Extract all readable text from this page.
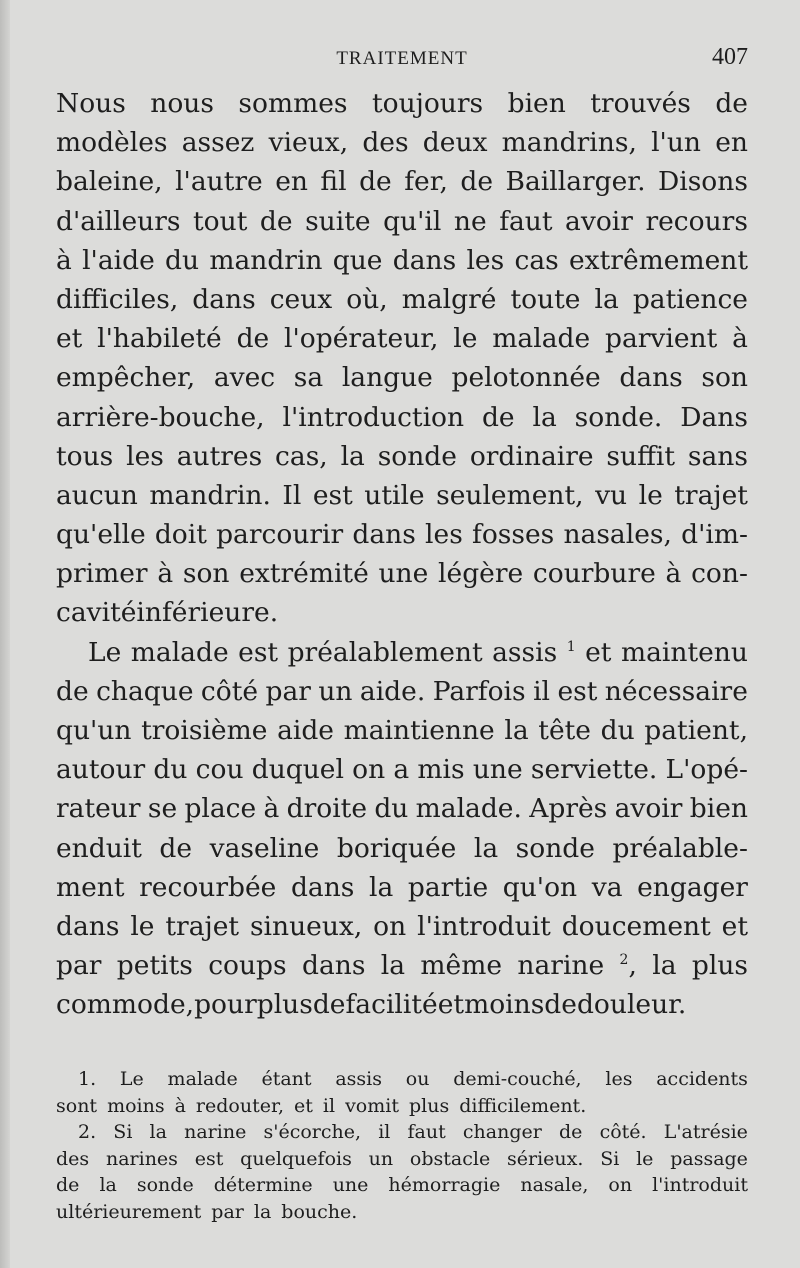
TRAITEMENT	407
Nous nous sommes toujours bien trouvés de
modèles assez vieux, des deux mandrins, l'un en
baleine, l'autre en fil de fer, de Baillarger. Disons
d'ailleurs tout de suite qu'il ne faut avoir recours
à l'aide du mandrin que dans les cas extrêmement
difficiles, dans ceux où, malgré toute la patience
et l'habileté de l'opérateur, le malade parvient à
empêcher, avec sa langue pelotonnée dans son
arrière-bouche, l'introduction de la sonde. Dans
tous les autres cas, la sonde ordinaire suffit sans
aucun mandrin. Il est utile seulement, vu le trajet
qu'elle doit parcourir dans les fosses nasales, d'im-
primer à son extrémité une légère courbure à con-
cavité inférieure.
Le malade est préalablement assis $^1$ et maintenu
de chaque côté par un aide. Parfois il est nécessaire
qu'un troisième aide maintienne la tête du patient,
autour du cou duquel on a mis une serviette. L'opé-
rateur se place à droite du malade. Après avoir bien
enduit de vaseline boriquée la sonde préalable-
ment recourbée dans la partie qu'on va engager
dans le trajet sinueux, on l'introduit doucement et
par petits coups dans la même narine $^2$, la plus
commode, pour plus de facilité et moins de douleur.
1. Le malade étant assis ou demi-couché, les accidents
sont moins à redouter, et il vomit plus difficilement.
2. Si la narine s'écorche, il faut changer de côté. L'atrésie
des narines est quelquefois un obstacle sérieux. Si le passage
de la sonde détermine une hémorragie nasale, on l'introduit
ultérieurement par la bouche.
